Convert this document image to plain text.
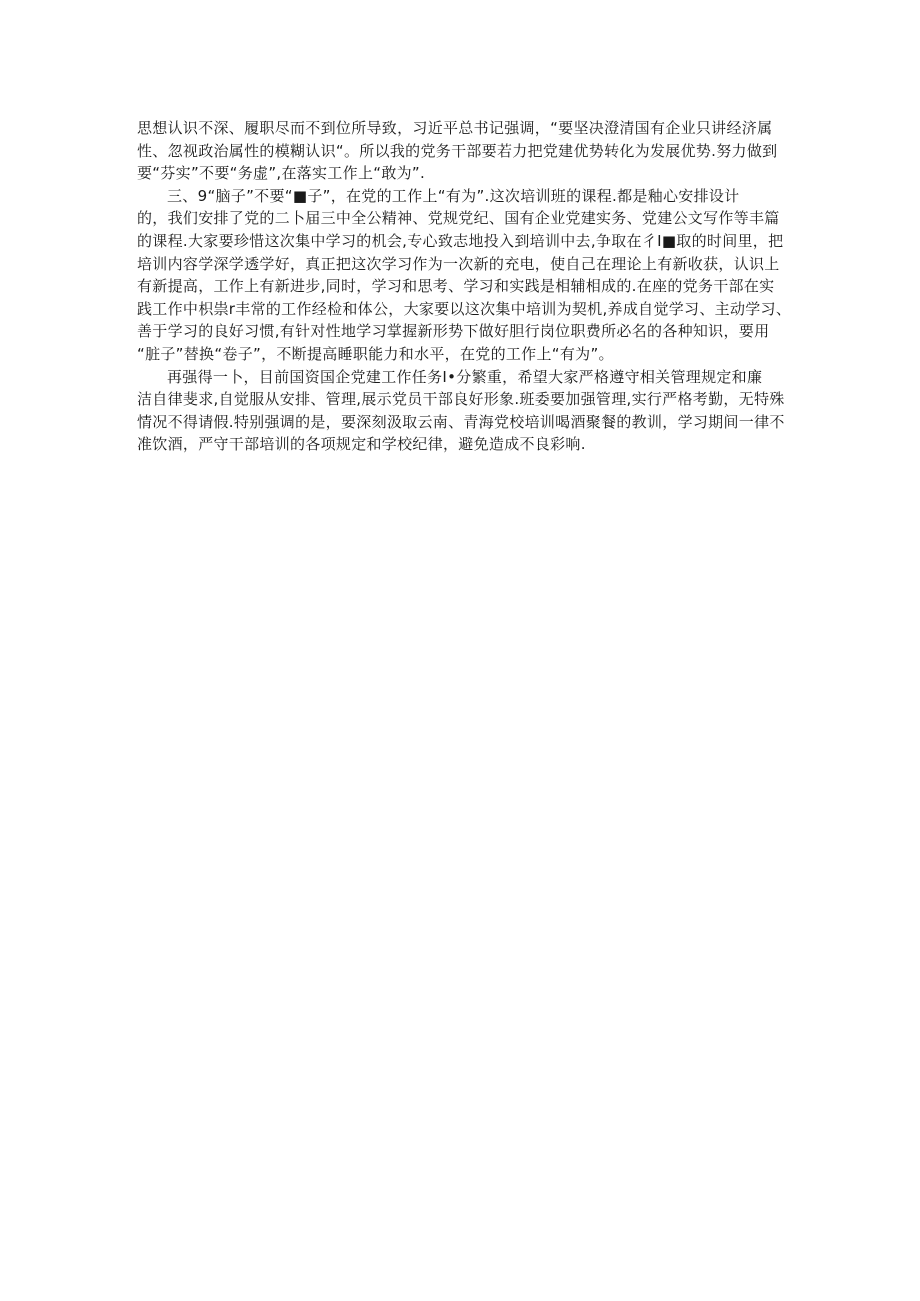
思想认识不深、履职尽而不到位所导致，习近平总书记强调，“要坚决澄清国有企业只讲经济属
性、忽视政治属性的模糊认识“。所以我的党务干部要若力把党建优势转化为发展优势.努力做到
要“芬实”不要“务虚”,在落实工作上“敢为”.
三、9“脑子”不要“■子”，在党的工作上“有为”.这次培训班的课程.都是釉心安排设计
的，我们安排了党的二卜届三中全公精神、党规党纪、国有企业党建实务、党建公文写作等丰篇
的课程.大家要珍惜这次集中学习的机会,专心致志地投入到培训中去,争取在彳Ⅰ■取的时间里，把
培训内容学深学透学好，真正把这次学习作为一次新的充电，使自己在理论上有新收获，认识上
有新提高，工作上有新进步,同时，学习和思考、学习和实践是相辅相成的.在座的党务干部在实
践工作中枳祟r丰常的工作经检和体公，大家要以这次集中培训为契机,养成自觉学习、主动学习、
善于学习的良好习惯,有针对性地学习掌握新形势下做好胆行岗位职费所必名的各种知识，要用
“脏子”替换“卷子”，不断提高睡职能力和水平，在党的工作上“有为”。
再强得一卜，目前国资国企党建工作任务Ⅰ•分繁重，希望大家严格遵守相关管理规定和廉
洁自律斐求,自觉服从安排、管理,展示党员干部良好形象.班委要加强管理,实行严格考勤，无特殊
情况不得请假.特别强调的是，要深刻汲取云南、青海党校培训喝酒聚餐的教训，学习期间一律不
准饮酒，严守干部培训的各项规定和学校纪律，避免造成不良彩响.
